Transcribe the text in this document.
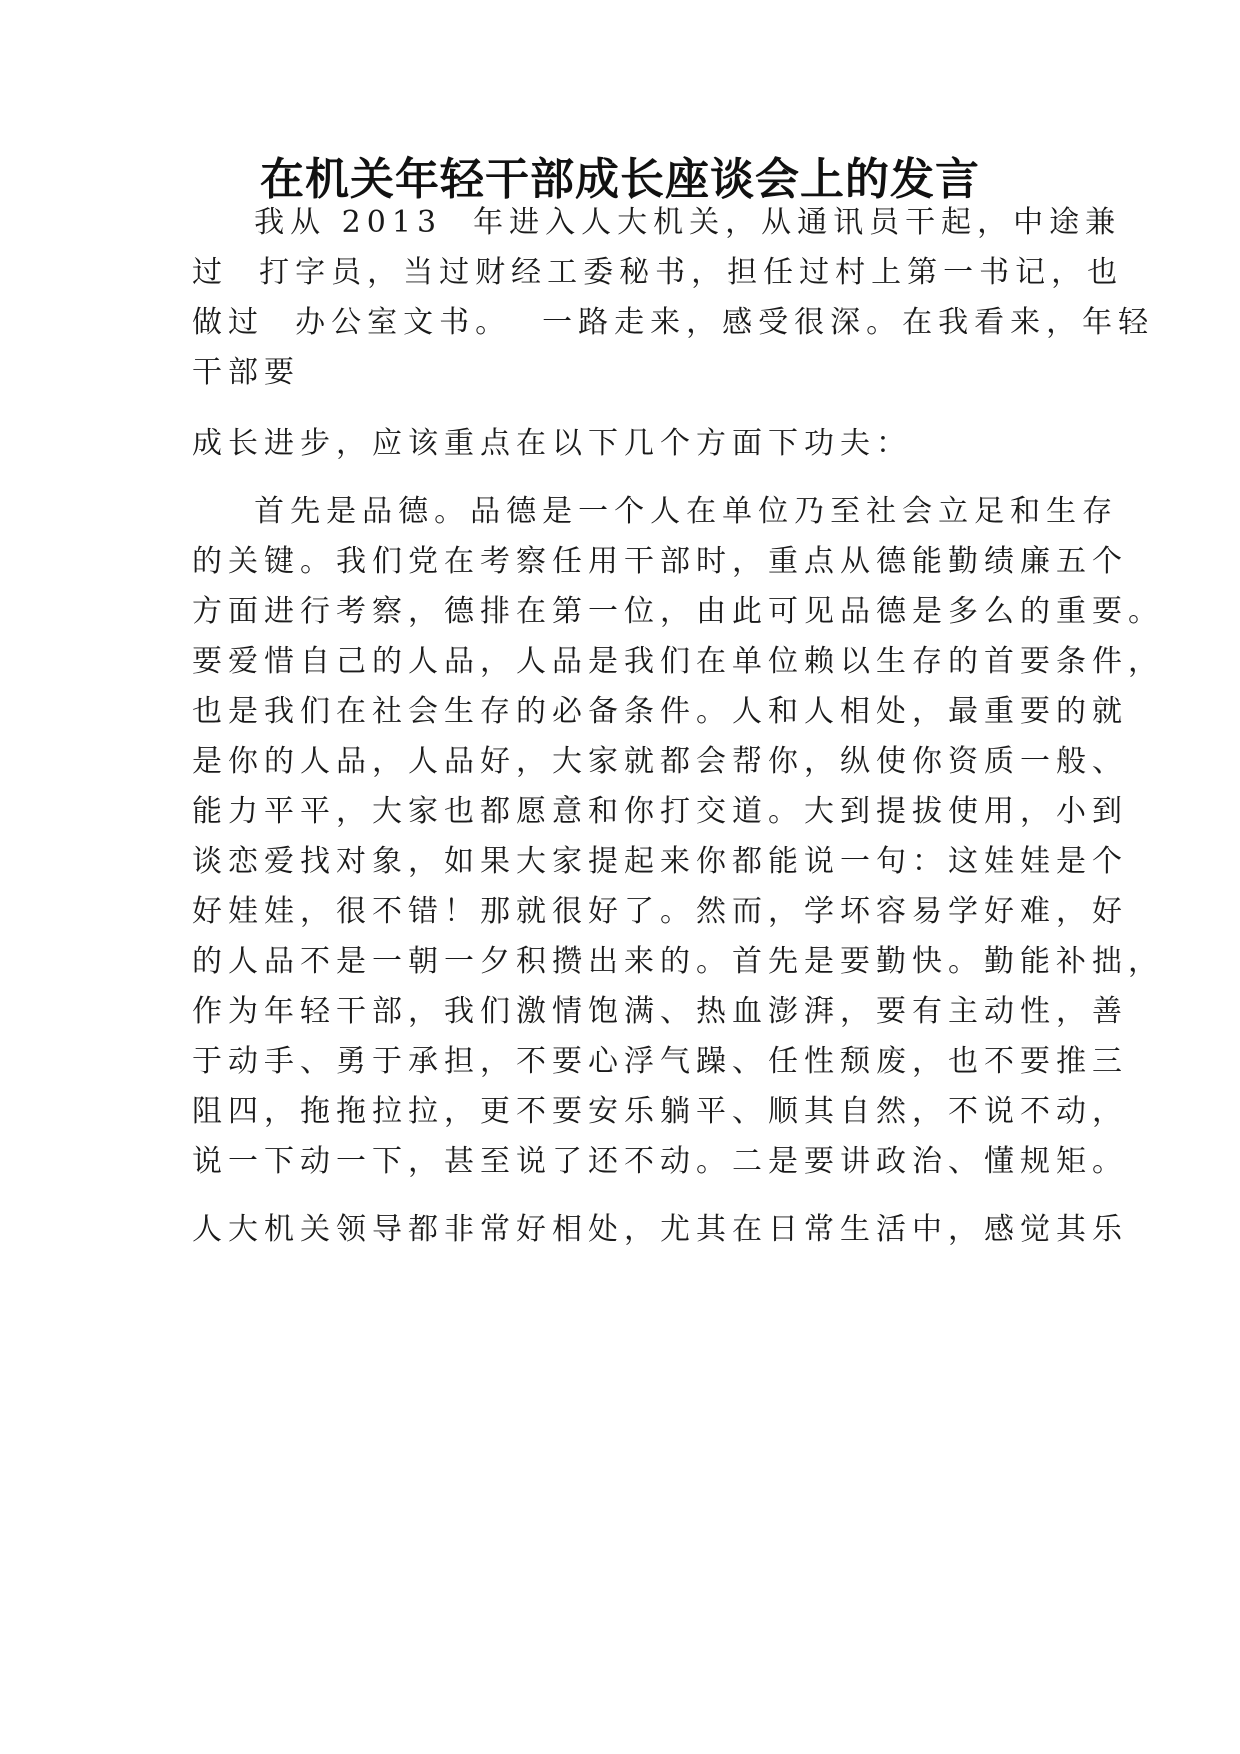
在机关年轻干部成长座谈会上的发言

我从 2013  年进入人大机关，从通讯员干起，中途兼

过  打字员，当过财经工委秘书，担任过村上第一书记，也

做过  办公室文书。  一路走来，感受很深。在我看来，年轻

干部要

成长进步，应该重点在以下几个方面下功夫：

首先是品德。品德是一个人在单位乃至社会立足和生存

的关键。我们党在考察任用干部时，重点从德能勤绩廉五个

方面进行考察，德排在第一位，由此可见品德是多么的重要。

要爱惜自己的人品，人品是我们在单位赖以生存的首要条件，

也是我们在社会生存的必备条件。人和人相处，最重要的就

是你的人品，人品好，大家就都会帮你，纵使你资质一般、

能力平平，大家也都愿意和你打交道。大到提拔使用，小到

谈恋爱找对象，如果大家提起来你都能说一句：这娃娃是个

好娃娃，很不错！那就很好了。然而，学坏容易学好难，好

的人品不是一朝一夕积攒出来的。首先是要勤快。勤能补拙，

作为年轻干部，我们激情饱满、热血澎湃，要有主动性，善

于动手、勇于承担，不要心浮气躁、任性颓废，也不要推三

阻四，拖拖拉拉，更不要安乐躺平、顺其自然，不说不动，

说一下动一下，甚至说了还不动。二是要讲政治、懂规矩。

人大机关领导都非常好相处，尤其在日常生活中，感觉其乐
